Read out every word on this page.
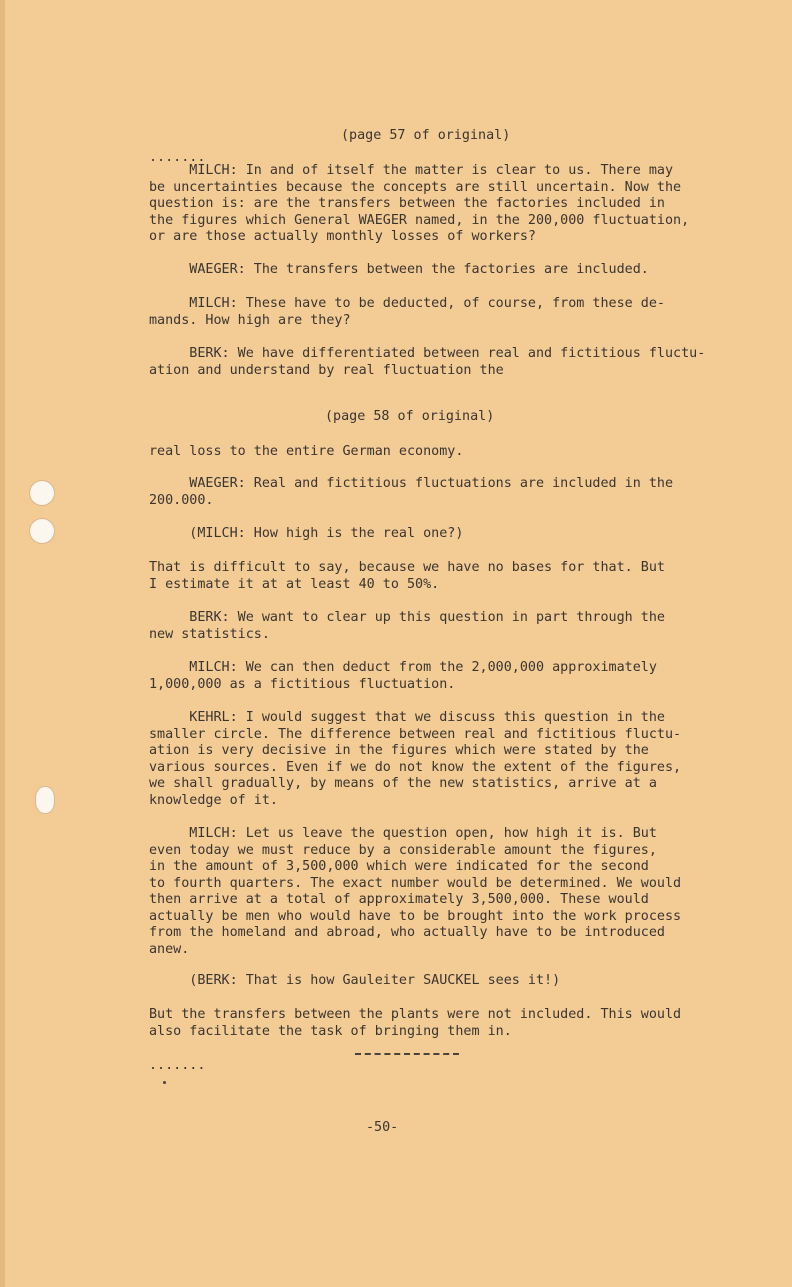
(page 57 of original)
.......
MILCH: In and of itself the matter is clear to us. There may
be uncertainties because the concepts are still uncertain. Now the
question is: are the transfers between the factories included in
the figures which General WAEGER named, in the 200,000 fluctuation,
or are those actually monthly losses of workers?
WAEGER: The transfers between the factories are included.
MILCH: These have to be deducted, of course, from these de-
mands. How high are they?
BERK: We have differentiated between real and fictitious fluctu-
ation and understand by real fluctuation the
(page 58 of original)
real loss to the entire German economy.
WAEGER: Real and fictitious fluctuations are included in the
200.000.
(MILCH: How high is the real one?)
That is difficult to say, because we have no bases for that. But
I estimate it at at least 40 to 50%.
BERK: We want to clear up this question in part through the
new statistics.
MILCH: We can then deduct from the 2,000,000 approximately
1,000,000 as a fictitious fluctuation.
KEHRL: I would suggest that we discuss this question in the
smaller circle. The difference between real and fictitious fluctu-
ation is very decisive in the figures which were stated by the
various sources. Even if we do not know the extent of the figures,
we shall gradually, by means of the new statistics, arrive at a
knowledge of it.
MILCH: Let us leave the question open, how high it is. But
even today we must reduce by a considerable amount the figures,
in the amount of 3,500,000 which were indicated for the second
to fourth quarters. The exact number would be determined. We would
then arrive at a total of approximately 3,500,000. These would
actually be men who would have to be brought into the work process
from the homeland and abroad, who actually have to be introduced
anew.
(BERK: That is how Gauleiter SAUCKEL sees it!)
But the transfers between the plants were not included. This would
also facilitate the task of bringing them in.
.......
-50-
